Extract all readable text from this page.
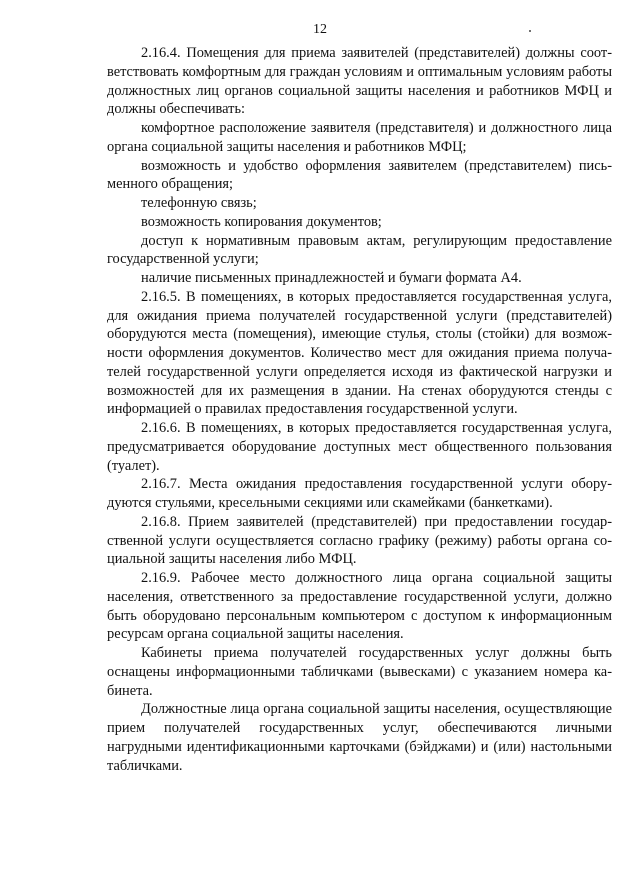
12

2.16.4. Помещения для приема заявителей (представителей) должны соответствовать комфортным для граждан условиям и оптимальным условиям работы должностных лиц органов социальной защиты населения и работников МФЦ и должны обеспечивать:

комфортное расположение заявителя (представителя) и должностного лица органа социальной защиты населения и работников МФЦ;

возможность и удобство оформления заявителем (представителем) письменного обращения;

телефонную связь;

возможность копирования документов;

доступ к нормативным правовым актам, регулирующим предоставление государственной услуги;

наличие письменных принадлежностей и бумаги формата А4.

2.16.5. В помещениях, в которых предоставляется государственная услуга, для ожидания приема получателей государственной услуги (представителей) оборудуются места (помещения), имеющие стулья, столы (стойки) для возможности оформления документов. Количество мест для ожидания приема получателей государственной услуги определяется исходя из фактической нагрузки и возможностей для их размещения в здании. На стенах оборудуются стенды с информацией о правилах предоставления государственной услуги.

2.16.6. В помещениях, в которых предоставляется государственная услуга, предусматривается оборудование доступных мест общественного пользования (туалет).

2.16.7. Места ожидания предоставления государственной услуги оборудуются стульями, кресельными секциями или скамейками (банкетками).

2.16.8. Прием заявителей (представителей) при предоставлении государственной услуги осуществляется согласно графику (режиму) работы органа социальной защиты населения либо МФЦ.

2.16.9. Рабочее место должностного лица органа социальной защиты населения, ответственного за предоставление государственной услуги, должно быть оборудовано персональным компьютером с доступом к информационным ресурсам органа социальной защиты населения.

Кабинеты приема получателей государственных услуг должны быть оснащены информационными табличками (вывесками) с указанием номера кабинета.

Должностные лица органа социальной защиты населения, осуществляющие прием получателей государственных услуг, обеспечиваются личными нагрудными идентификационными карточками (бэйджами) и (или) настольными табличками.
